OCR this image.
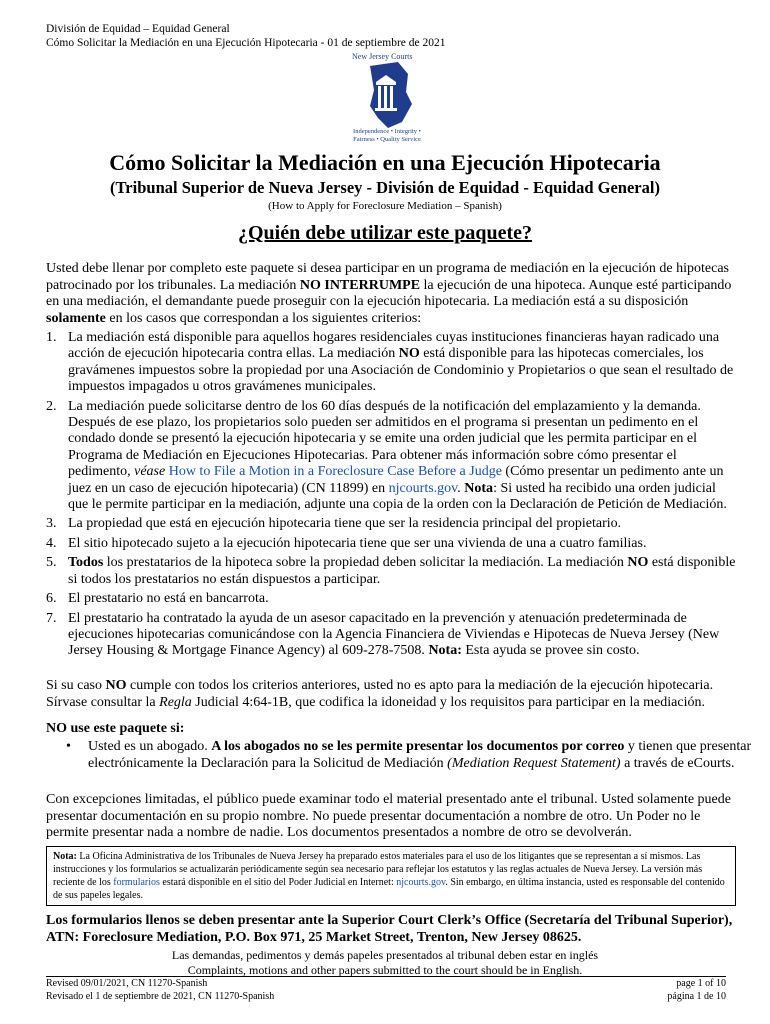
División de Equidad – Equidad General
Cómo Solicitar la Mediación en una Ejecución Hipotecaria - 01 de septiembre de 2021
New Jersey Courts
Independence • Integrity • Fairness • Quality Service
Cómo Solicitar la Mediación en una Ejecución Hipotecaria
(Tribunal Superior de Nueva Jersey - División de Equidad - Equidad General)
(How to Apply for Foreclosure Mediation – Spanish)
¿Quién debe utilizar este paquete?
Usted debe llenar por completo este paquete si desea participar en un programa de mediación en la ejecución de hipotecas patrocinado por los tribunales. La mediación NO INTERRUMPE la ejecución de una hipoteca. Aunque esté participando en una mediación, el demandante puede proseguir con la ejecución hipotecaria. La mediación está a su disposición solamente en los casos que correspondan a los siguientes criterios:
1. La mediación está disponible para aquellos hogares residenciales cuyas instituciones financieras hayan radicado una acción de ejecución hipotecaria contra ellas. La mediación NO está disponible para las hipotecas comerciales, los gravámenes impuestos sobre la propiedad por una Asociación de Condominio y Propietarios o que sean el resultado de impuestos impagados u otros gravámenes municipales.
2. La mediación puede solicitarse dentro de los 60 días después de la notificación del emplazamiento y la demanda. Después de ese plazo, los propietarios solo pueden ser admitidos en el programa si presentan un pedimento en el condado donde se presentó la ejecución hipotecaria y se emite una orden judicial que les permita participar en el Programa de Mediación en Ejecuciones Hipotecarias. Para obtener más información sobre cómo presentar el pedimento, véase How to File a Motion in a Foreclosure Case Before a Judge (Cómo presentar un pedimento ante un juez en un caso de ejecución hipotecaria) (CN 11899) en njcourts.gov. Nota: Si usted ha recibido una orden judicial que le permite participar en la mediación, adjunte una copia de la orden con la Declaración de Petición de Mediación.
3. La propiedad que está en ejecución hipotecaria tiene que ser la residencia principal del propietario.
4. El sitio hipotecado sujeto a la ejecución hipotecaria tiene que ser una vivienda de una a cuatro familias.
5. Todos los prestatarios de la hipoteca sobre la propiedad deben solicitar la mediación. La mediación NO está disponible si todos los prestatarios no están dispuestos a participar.
6. El prestatario no está en bancarrota.
7. El prestatario ha contratado la ayuda de un asesor capacitado en la prevención y atenuación predeterminada de ejecuciones hipotecarias comunicándose con la Agencia Financiera de Viviendas e Hipotecas de Nueva Jersey (New Jersey Housing & Mortgage Finance Agency) al 609-278-7508. Nota: Esta ayuda se provee sin costo.
Si su caso NO cumple con todos los criterios anteriores, usted no es apto para la mediación de la ejecución hipotecaria. Sírvase consultar la Regla Judicial 4:64-1B, que codifica la idoneidad y los requisitos para participar en la mediación.
NO use este paquete si:
• Usted es un abogado. A los abogados no se les permite presentar los documentos por correo y tienen que presentar electrónicamente la Declaración para la Solicitud de Mediación (Mediation Request Statement) a través de eCourts.
Con excepciones limitadas, el público puede examinar todo el material presentado ante el tribunal. Usted solamente puede presentar documentación en su propio nombre. No puede presentar documentación a nombre de otro. Un Poder no le permite presentar nada a nombre de nadie. Los documentos presentados a nombre de otro se devolverán.
Nota: La Oficina Administrativa de los Tribunales de Nueva Jersey ha preparado estos materiales para el uso de los litigantes que se representan a sí mismos. Las instrucciones y los formularios se actualizarán periódicamente según sea necesario para reflejar los estatutos y las reglas actuales de Nueva Jersey. La versión más reciente de los formularios estará disponible en el sitio del Poder Judicial en Internet: njcourts.gov. Sin embargo, en última instancia, usted es responsable del contenido de sus papeles legales.
Los formularios llenos se deben presentar ante la Superior Court Clerk’s Office (Secretaría del Tribunal Superior), ATN: Foreclosure Mediation, P.O. Box 971, 25 Market Street, Trenton, New Jersey 08625.
Las demandas, pedimentos y demás papeles presentados al tribunal deben estar en inglés
Complaints, motions and other papers submitted to the court should be in English.
Revised 09/01/2021, CN 11270-Spanish
Revisado el 1 de septiembre de 2021, CN 11270-Spanish
page 1 of 10
página 1 de 10
